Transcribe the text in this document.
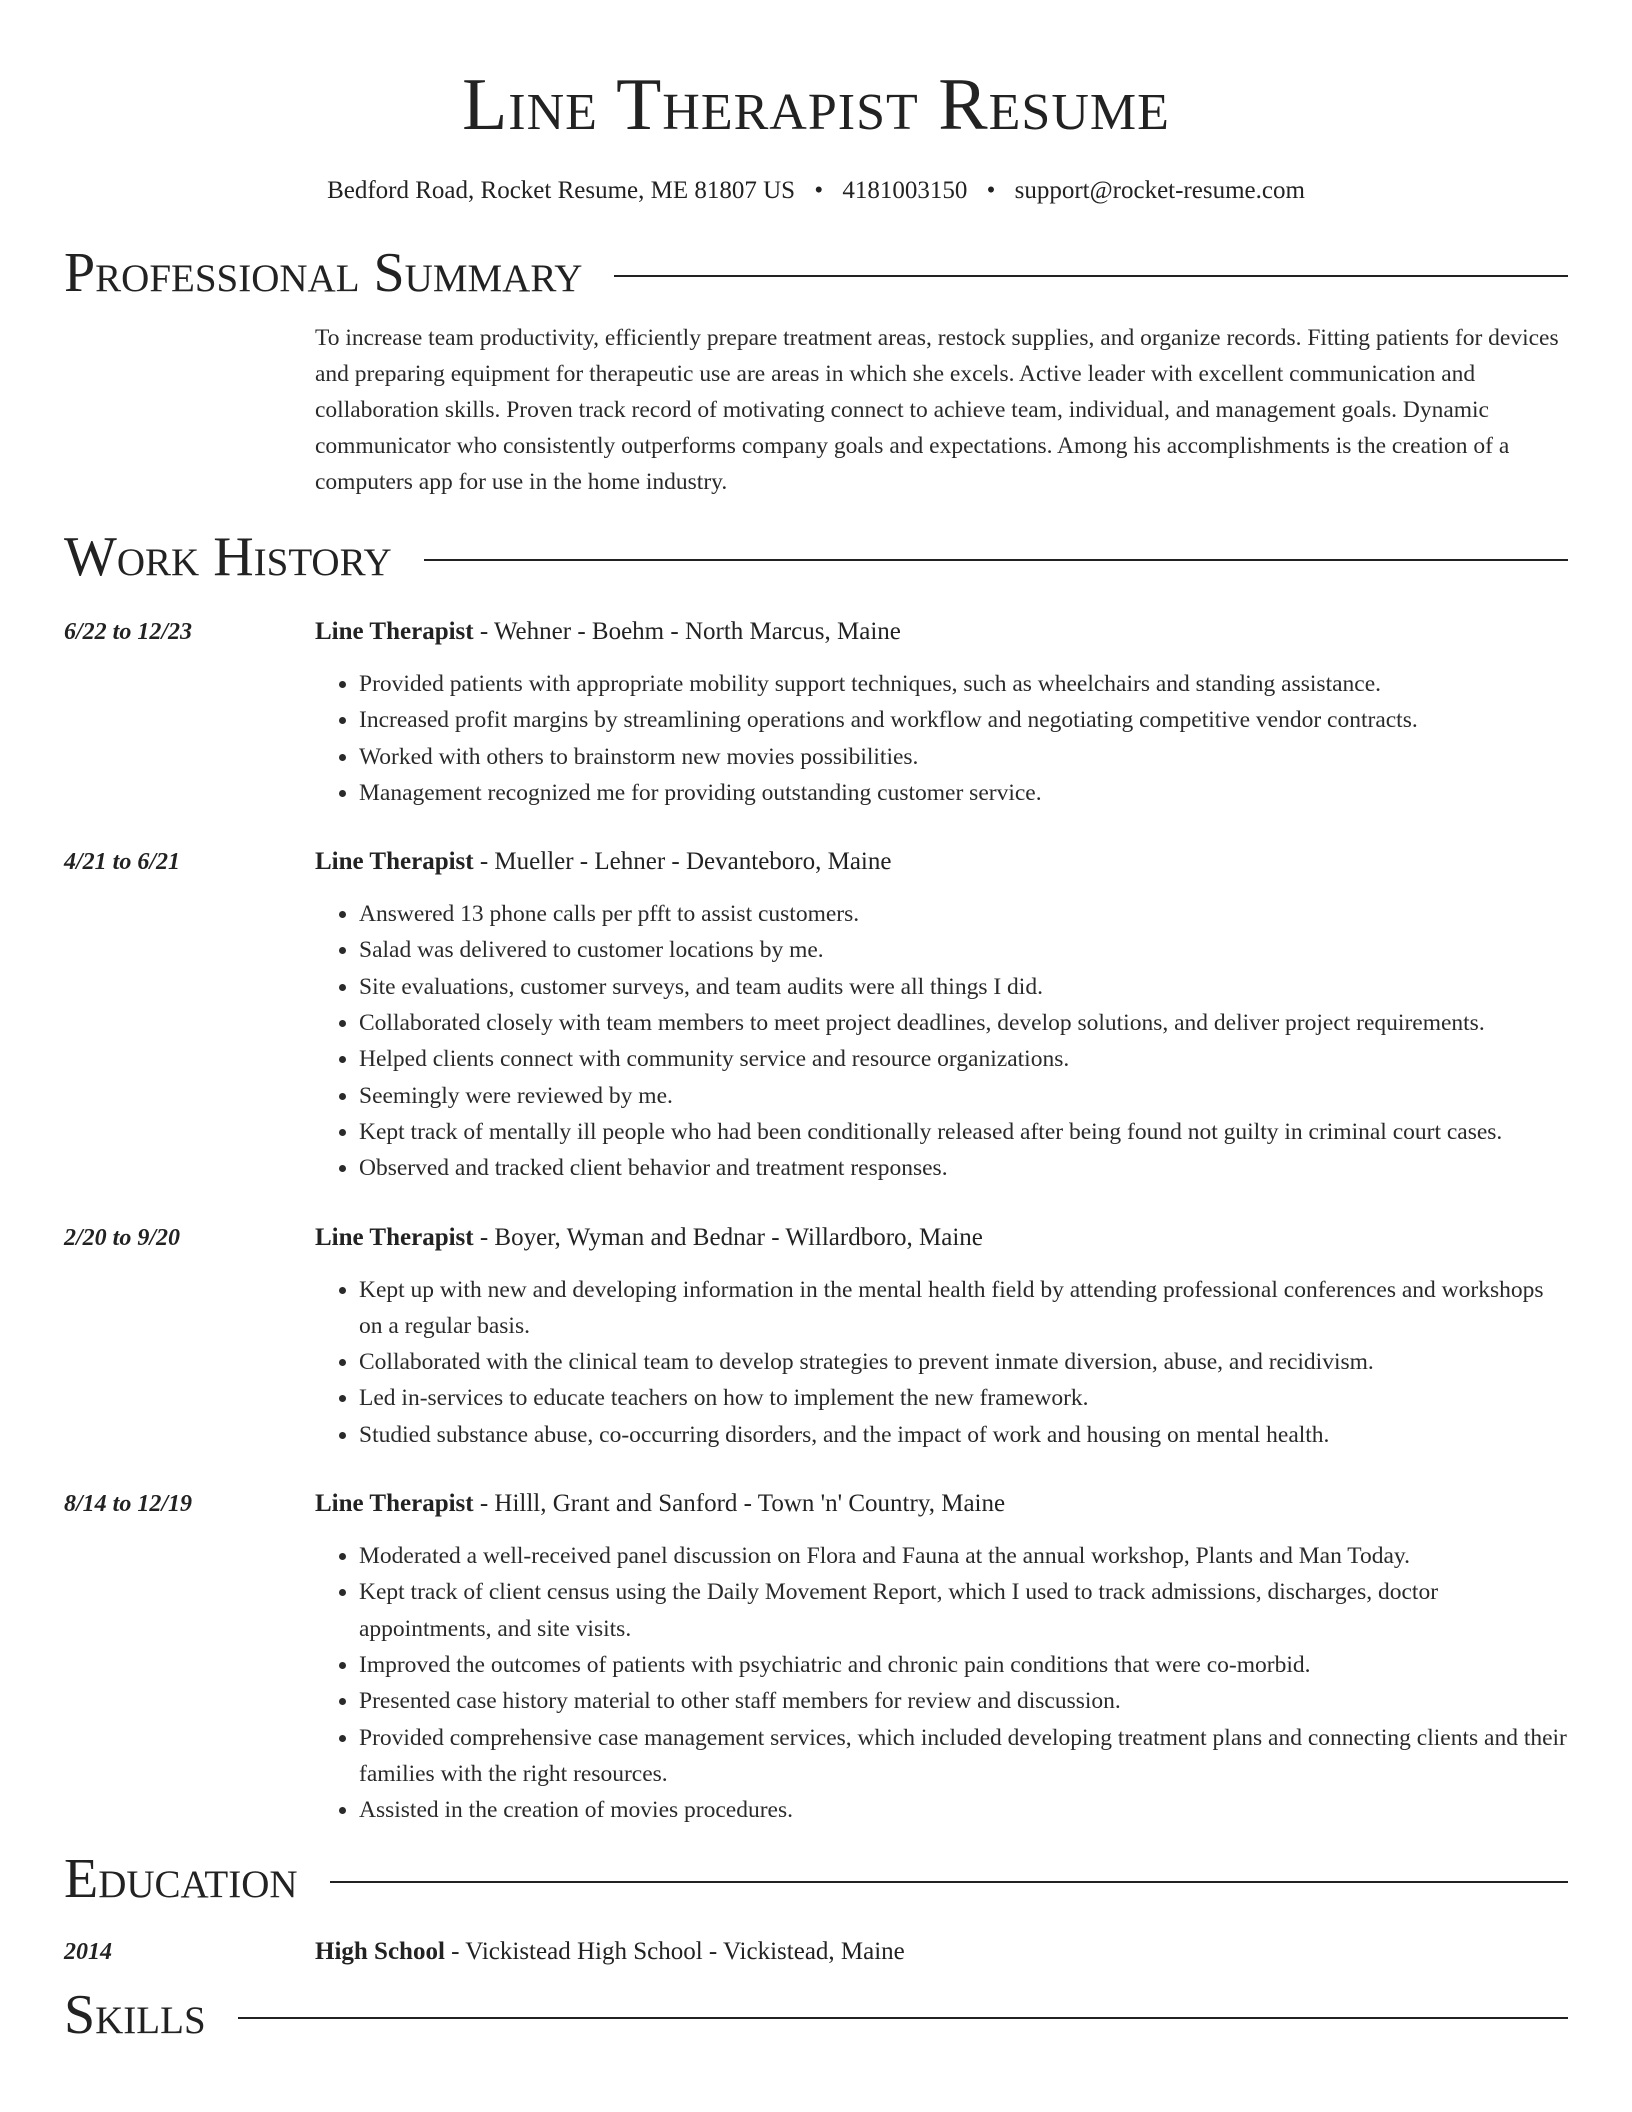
Line Therapist Resume
Bedford Road, Rocket Resume, ME 81807 US • 4181003150 • support@rocket-resume.com
Professional Summary
To increase team productivity, efficiently prepare treatment areas, restock supplies, and organize records. Fitting patients for devices and preparing equipment for therapeutic use are areas in which she excels. Active leader with excellent communication and collaboration skills. Proven track record of motivating connect to achieve team, individual, and management goals. Dynamic communicator who consistently outperforms company goals and expectations. Among his accomplishments is the creation of a computers app for use in the home industry.
Work History
6/22 to 12/23	Line Therapist - Wehner - Boehm - North Marcus, Maine
• Provided patients with appropriate mobility support techniques, such as wheelchairs and standing assistance.
• Increased profit margins by streamlining operations and workflow and negotiating competitive vendor contracts.
• Worked with others to brainstorm new movies possibilities.
• Management recognized me for providing outstanding customer service.
4/21 to 6/21	Line Therapist - Mueller - Lehner - Devanteboro, Maine
• Answered 13 phone calls per pfft to assist customers.
• Salad was delivered to customer locations by me.
• Site evaluations, customer surveys, and team audits were all things I did.
• Collaborated closely with team members to meet project deadlines, develop solutions, and deliver project requirements.
• Helped clients connect with community service and resource organizations.
• Seemingly were reviewed by me.
• Kept track of mentally ill people who had been conditionally released after being found not guilty in criminal court cases.
• Observed and tracked client behavior and treatment responses.
2/20 to 9/20	Line Therapist - Boyer, Wyman and Bednar - Willardboro, Maine
• Kept up with new and developing information in the mental health field by attending professional conferences and workshops on a regular basis.
• Collaborated with the clinical team to develop strategies to prevent inmate diversion, abuse, and recidivism.
• Led in-services to educate teachers on how to implement the new framework.
• Studied substance abuse, co-occurring disorders, and the impact of work and housing on mental health.
8/14 to 12/19	Line Therapist - Hilll, Grant and Sanford - Town 'n' Country, Maine
• Moderated a well-received panel discussion on Flora and Fauna at the annual workshop, Plants and Man Today.
• Kept track of client census using the Daily Movement Report, which I used to track admissions, discharges, doctor appointments, and site visits.
• Improved the outcomes of patients with psychiatric and chronic pain conditions that were co-morbid.
• Presented case history material to other staff members for review and discussion.
• Provided comprehensive case management services, which included developing treatment plans and connecting clients and their families with the right resources.
• Assisted in the creation of movies procedures.
Education
2014	High School - Vickistead High School - Vickistead, Maine
Skills
